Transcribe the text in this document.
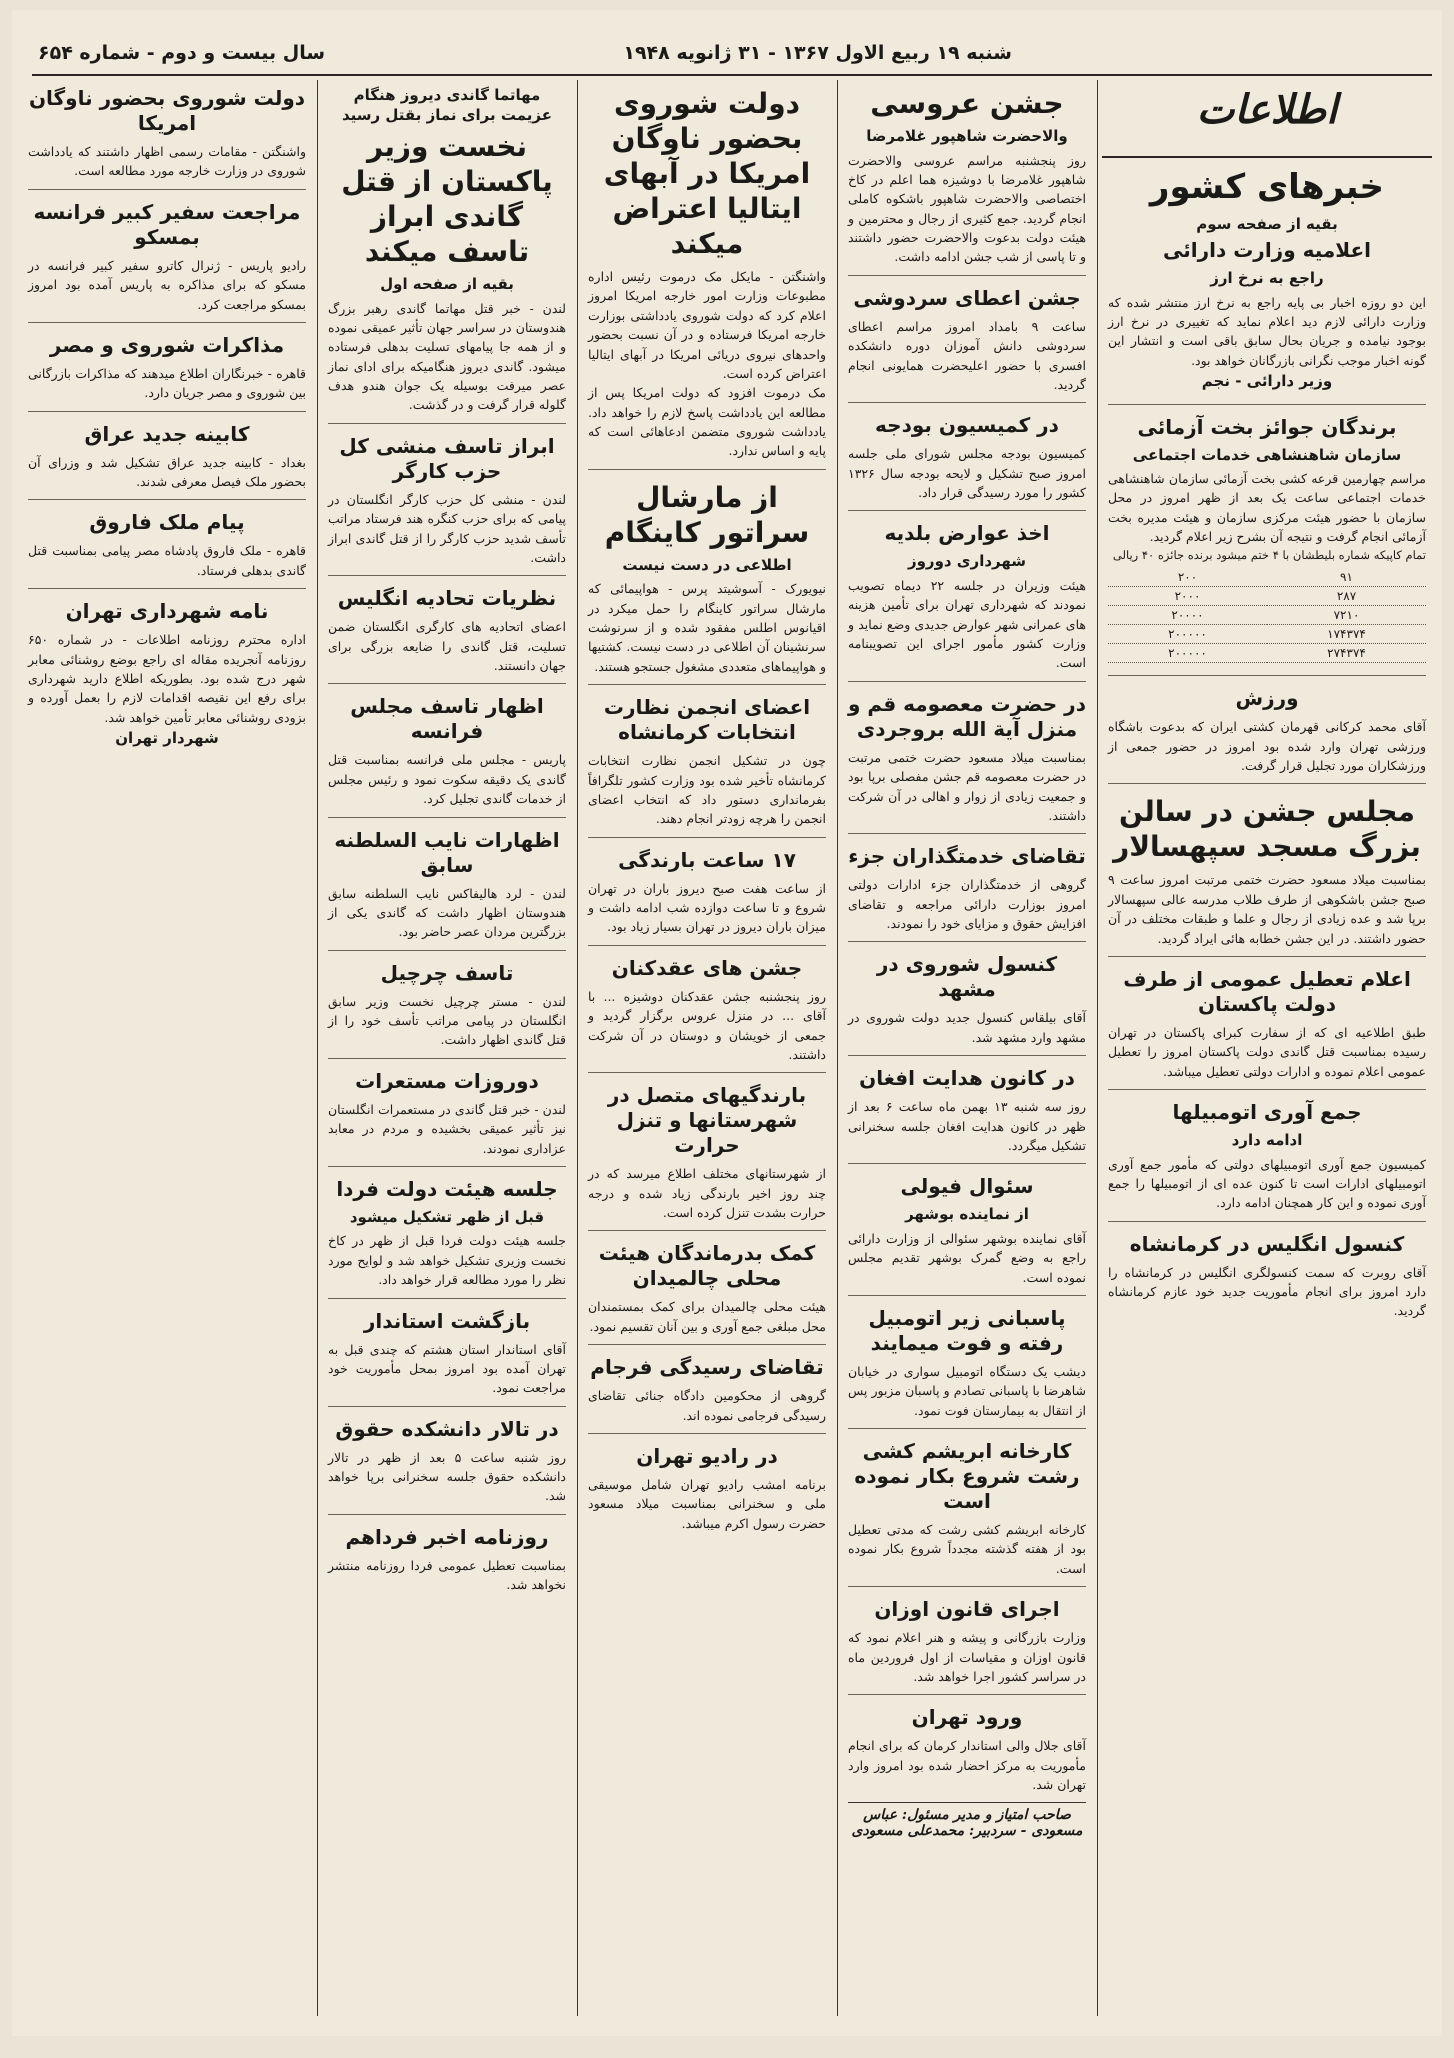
شنبه ۱۹ ربیع الاول ۱۳۶۷ - ۳۱ ژانویه ۱۹۴۸
سال بیست و دوم - شماره ۶۵۴
اطلاعات
خبرهای کشور
بقیه از صفحه سوم
اعلامیه وزارت دارائی
راجع به نرخ ارز

این دو روزه اخبار بی پایه راجع به نرخ ارز منتشر شده که وزارت دارائی لازم دید اعلام نماید که تغییری در نرخ ارز بوجود نیامده و جریان بحال سابق باقی است و انتشار این گونه اخبار موجب نگرانی بازرگانان خواهد بود.

وزیر دارائی - نجم
برندگان جوائز بخت آزمائی
سازمان شاهنشاهی خدمات اجتماعی

مراسم چهارمین قرعه کشی بخت آزمائی سازمان شاهنشاهی خدمات اجتماعی ساعت یک بعد از ظهر امروز در محل سازمان با حضور هیئت مرکزی سازمان و هیئت مدیره بخت آزمائی انجام گرفت و نتیجه آن بشرح زیر اعلام گردید.

تمام کاپیکه شماره بلیطشان با ۴ ختم میشود برنده جائزه ۴۰ ریالی

۹۱	۲۰۰
۲۸۷	۲۰۰۰
۷۲۱۰	۲۰۰۰۰
۱۷۴۳۷۴	۲۰۰۰۰۰
۲۷۴۳۷۴	۲۰۰۰۰۰
ورزش

آقای محمد کرکانی قهرمان کشتی ایران که بدعوت باشگاه ورزشی تهران وارد شده بود امروز در حضور جمعی از ورزشکاران مورد تجلیل قرار گرفت.

مجلس جشن در سالن بزرگ مسجد سپهسالار

بمناسبت میلاد مسعود حضرت ختمی مرتبت امروز ساعت ۹ صبح جشن باشکوهی از طرف طلاب مدرسه عالی سپهسالار برپا شد و عده زیادی از رجال و علما و طبقات مختلف در آن حضور داشتند. در این جشن خطابه هائی ایراد گردید.

اعلام تعطیل عمومی از طرف دولت پاکستان

طبق اطلاعیه ای که از سفارت کبرای پاکستان در تهران رسیده بمناسبت قتل گاندی دولت پاکستان امروز را تعطیل عمومی اعلام نموده و ادارات دولتی تعطیل میباشد.

جمع آوری اتومبیلها
ادامه دارد

کمیسیون جمع آوری اتومبیلهای دولتی که مأمور جمع آوری اتومبیلهای ادارات است تا کنون عده ای از اتومبیلها را جمع آوری نموده و این کار همچنان ادامه دارد.

کنسول انگلیس در کرمانشاه

آقای روبرت که سمت کنسولگری انگلیس در کرمانشاه را دارد امروز برای انجام مأموریت جدید خود عازم کرمانشاه گردید.

جشن عروسی
والاحضرت شاهپور غلامرضا

روز پنجشنبه مراسم عروسی والاحضرت شاهپور غلامرضا با دوشیزه هما اعلم در کاخ اختصاصی والاحضرت شاهپور باشکوه کاملی انجام گردید. جمع کثیری از رجال و محترمین و هیئت دولت بدعوت والاحضرت حضور داشتند و تا پاسی از شب جشن ادامه داشت.

جشن اعطای سردوشی

ساعت ۹ بامداد امروز مراسم اعطای سردوشی دانش آموزان دوره دانشکده افسری با حضور اعلیحضرت همایونی انجام گردید.

در کمیسیون بودجه

کمیسیون بودجه مجلس شورای ملی جلسه امروز صبح تشکیل و لایحه بودجه سال ۱۳۲۶ کشور را مورد رسیدگی قرار داد.

اخذ عوارض بلدیه
شهرداری دوروز

هیئت وزیران در جلسه ۲۲ دیماه تصویب نمودند که شهرداری تهران برای تأمین هزینه های عمرانی شهر عوارض جدیدی وضع نماید و وزارت کشور مأمور اجرای این تصویبنامه است.

در حضرت معصومه قم و منزل آیة الله بروجردی

بمناسبت میلاد مسعود حضرت ختمی مرتبت در حضرت معصومه قم جشن مفصلی برپا بود و جمعیت زیادی از زوار و اهالی در آن شرکت داشتند.

تقاضای خدمتگذاران جزء

گروهی از خدمتگذاران جزء ادارات دولتی امروز بوزارت دارائی مراجعه و تقاضای افزایش حقوق و مزایای خود را نمودند.

کنسول شوروی در مشهد

آقای بیلقاس کنسول جدید دولت شوروی در مشهد وارد مشهد شد.

در کانون هدایت افغان

روز سه شنبه ۱۳ بهمن ماه ساعت ۶ بعد از ظهر در کانون هدایت افغان جلسه سخنرانی تشکیل میگردد.

سئوال فیولی
از نماینده بوشهر

آقای نماینده بوشهر سئوالی از وزارت دارائی راجع به وضع گمرک بوشهر تقدیم مجلس نموده است.

پاسبانی زیر اتومبیل رفته و فوت میمایند

دیشب یک دستگاه اتومبیل سواری در خیابان شاهرضا با پاسبانی تصادم و پاسبان مزبور پس از انتقال به بیمارستان فوت نمود.

کارخانه ابریشم کشی رشت شروع بکار نموده است

کارخانه ابریشم کشی رشت که مدتی تعطیل بود از هفته گذشته مجدداً شروع بکار نموده است.

اجرای قانون اوزان

وزارت بازرگانی و پیشه و هنر اعلام نمود که قانون اوزان و مقیاسات از اول فروردین ماه در سراسر کشور اجرا خواهد شد.

ورود تهران

آقای جلال والی استاندار کرمان که برای انجام مأموریت به مرکز احضار شده بود امروز وارد تهران شد.

صاحب امتیاز و مدیر مسئول: عباس مسعودی - سردبیر: محمدعلی مسعودی
دولت شوروی بحضور ناوگان امریکا در آبهای ایتالیا اعتراض میکند

واشنگتن - مایکل مک درموت رئیس اداره مطبوعات وزارت امور خارجه امریکا امروز اعلام کرد که دولت شوروی یادداشتی بوزارت خارجه امریکا فرستاده و در آن نسبت بحضور واحدهای نیروی دریائی امریکا در آبهای ایتالیا اعتراض کرده است.

مک درموت افزود که دولت امریکا پس از مطالعه این یادداشت پاسخ لازم را خواهد داد. یادداشت شوروی متضمن ادعاهائی است که پایه و اساس ندارد.

از مارشال سراتور کاینگام
اطلاعی در دست نیست

نیویورک - آسوشیتد پرس - هواپیمائی که مارشال سراتور کاینگام را حمل میکرد در اقیانوس اطلس مفقود شده و از سرنوشت سرنشینان آن اطلاعی در دست نیست. کشتیها و هواپیماهای متعددی مشغول جستجو هستند.

اعضای انجمن نظارت انتخابات کرمانشاه

چون در تشکیل انجمن نظارت انتخابات کرمانشاه تأخیر شده بود وزارت کشور تلگرافاً بفرمانداری دستور داد که انتخاب اعضای انجمن را هرچه زودتر انجام دهند.

۱۷ ساعت بارندگی

از ساعت هفت صبح دیروز باران در تهران شروع و تا ساعت دوازده شب ادامه داشت و میزان باران دیروز در تهران بسیار زیاد بود.

جشن های عقدکنان

روز پنجشنبه جشن عقدکنان دوشیزه ... با آقای ... در منزل عروس برگزار گردید و جمعی از خویشان و دوستان در آن شرکت داشتند.

بارندگیهای متصل در شهرستانها و تنزل حرارت

از شهرستانهای مختلف اطلاع میرسد که در چند روز اخیر بارندگی زیاد شده و درجه حرارت بشدت تنزل کرده است.

کمک بدرماندگان هیئت محلی چالمیدان

هیئت محلی چالمیدان برای کمک بمستمندان محل مبلغی جمع آوری و بین آنان تقسیم نمود.

تقاضای رسیدگی فرجام

گروهی از محکومین دادگاه جنائی تقاضای رسیدگی فرجامی نموده اند.

در رادیو تهران

برنامه امشب رادیو تهران شامل موسیقی ملی و سخنرانی بمناسبت میلاد مسعود حضرت رسول اکرم میباشد.

مهاتما گاندی دیروز هنگام عزیمت برای نماز بقتل رسید
نخست وزیر پاکستان از قتل گاندی ابراز تاسف میکند
بقیه از صفحه اول

لندن - خبر قتل مهاتما گاندی رهبر بزرگ هندوستان در سراسر جهان تأثیر عمیقی نموده و از همه جا پیامهای تسلیت بدهلی فرستاده میشود. گاندی دیروز هنگامیکه برای ادای نماز عصر میرفت بوسیله یک جوان هندو هدف گلوله قرار گرفت و در گذشت.

ابراز تاسف منشی کل حزب کارگر

لندن - منشی کل حزب کارگر انگلستان در پیامی که برای حزب کنگره هند فرستاد مراتب تأسف شدید حزب کارگر را از قتل گاندی ابراز داشت.

نظریات تحادیه انگلیس

اعضای اتحادیه های کارگری انگلستان ضمن تسلیت، قتل گاندی را ضایعه بزرگی برای جهان دانستند.

اظهار تاسف مجلس فرانسه

پاریس - مجلس ملی فرانسه بمناسبت قتل گاندی یک دقیقه سکوت نمود و رئیس مجلس از خدمات گاندی تجلیل کرد.

اظهارات نایب السلطنه سابق

لندن - لرد هالیفاکس نایب السلطنه سابق هندوستان اظهار داشت که گاندی یکی از بزرگترین مردان عصر حاضر بود.

تاسف چرچیل

لندن - مستر چرچیل نخست وزیر سابق انگلستان در پیامی مراتب تأسف خود را از قتل گاندی اظهار داشت.

دوروزات مستعرات

لندن - خبر قتل گاندی در مستعمرات انگلستان نیز تأثیر عمیقی بخشیده و مردم در معابد عزاداری نمودند.

جلسه هیئت دولت فردا
قبل از ظهر تشکیل میشود

جلسه هیئت دولت فردا قبل از ظهر در کاخ نخست وزیری تشکیل خواهد شد و لوایح مورد نظر را مورد مطالعه قرار خواهد داد.

بازگشت استاندار

آقای استاندار استان هشتم که چندی قبل به تهران آمده بود امروز بمحل مأموریت خود مراجعت نمود.

در تالار دانشکده حقوق

روز شنبه ساعت ۵ بعد از ظهر در تالار دانشکده حقوق جلسه سخنرانی برپا خواهد شد.

روزنامه اخبر فرداهم

بمناسبت تعطیل عمومی فردا روزنامه منتشر نخواهد شد.

دولت شوروی بحضور ناوگان امریکا

واشنگتن - مقامات رسمی اظهار داشتند که یادداشت شوروی در وزارت خارجه مورد مطالعه است.

مراجعت سفیر کبیر فرانسه بمسکو

رادیو پاریس - ژنرال کاترو سفیر کبیر فرانسه در مسکو که برای مذاکره به پاریس آمده بود امروز بمسکو مراجعت کرد.

مذاکرات شوروی و مصر

قاهره - خبرنگاران اطلاع میدهند که مذاکرات بازرگانی بین شوروی و مصر جریان دارد.

کابینه جدید عراق

بغداد - کابینه جدید عراق تشکیل شد و وزرای آن بحضور ملک فیصل معرفی شدند.

پیام ملک فاروق

قاهره - ملک فاروق پادشاه مصر پیامی بمناسبت قتل گاندی بدهلی فرستاد.

نامه شهرداری تهران

اداره محترم روزنامه اطلاعات - در شماره ۶۵۰ روزنامه آنجریده مقاله ای راجع بوضع روشنائی معابر شهر درج شده بود. بطوریکه اطلاع دارید شهرداری برای رفع این نقیصه اقدامات لازم را بعمل آورده و بزودی روشنائی معابر تأمین خواهد شد.

شهردار تهران
